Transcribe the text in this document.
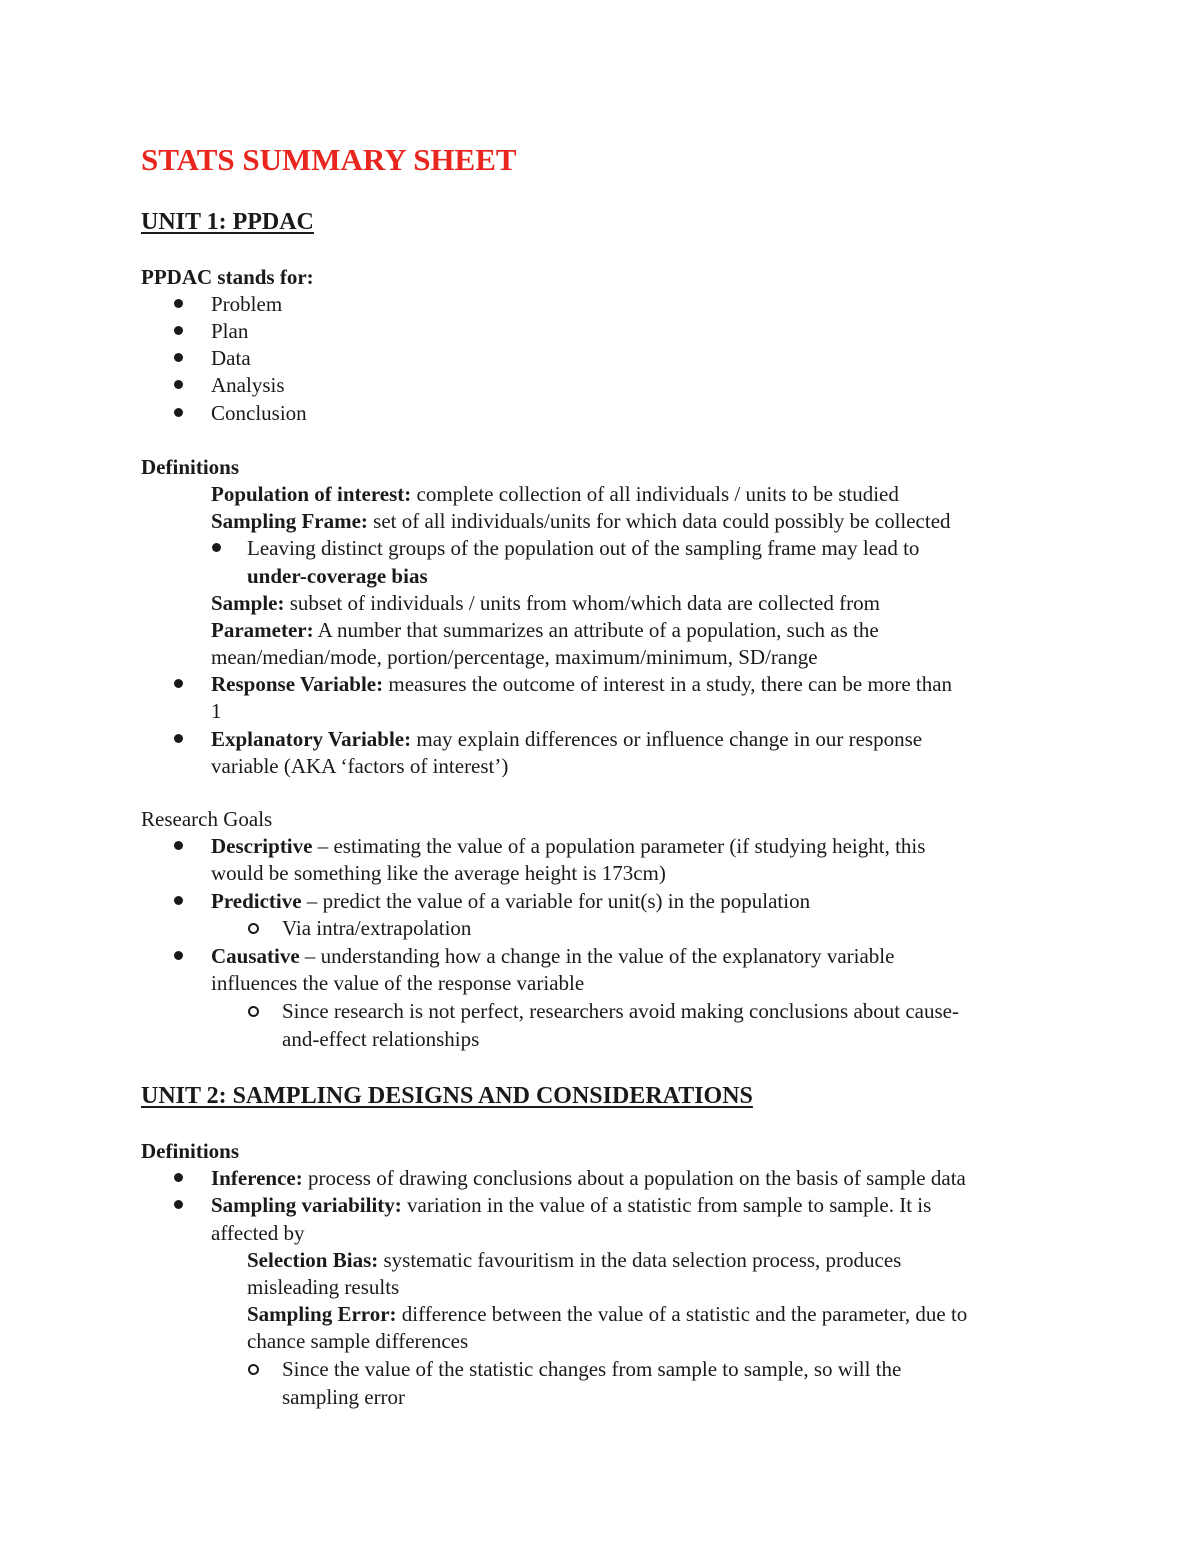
STATS SUMMARY SHEET
UNIT 1: PPDAC

PPDAC stands for:

Problem

Plan

Data

Analysis

Conclusion

Definitions

Population of interest: complete collection of all individuals / units to be studied

Sampling Frame: set of all individuals/units for which data could possibly be collected

Leaving distinct groups of the population out of the sampling frame may lead to

under-coverage bias

Sample: subset of individuals / units from whom/which data are collected from

Parameter: A number that summarizes an attribute of a population, such as the

mean/median/mode, portion/percentage, maximum/minimum, SD/range

Response Variable: measures the outcome of interest in a study, there can be more than

1

Explanatory Variable: may explain differences or influence change in our response

variable (AKA ‘factors of interest’)

Research Goals

Descriptive – estimating the value of a population parameter (if studying height, this

would be something like the average height is 173cm)

Predictive – predict the value of a variable for unit(s) in the population

Via intra/extrapolation

Causative – understanding how a change in the value of the explanatory variable

influences the value of the response variable

Since research is not perfect, researchers avoid making conclusions about cause-

and-effect relationships

UNIT 2: SAMPLING DESIGNS AND CONSIDERATIONS

Definitions

Inference: process of drawing conclusions about a population on the basis of sample data

Sampling variability: variation in the value of a statistic from sample to sample. It is

affected by

Selection Bias: systematic favouritism in the data selection process, produces

misleading results

Sampling Error: difference between the value of a statistic and the parameter, due to

chance sample differences

Since the value of the statistic changes from sample to sample, so will the

sampling error
